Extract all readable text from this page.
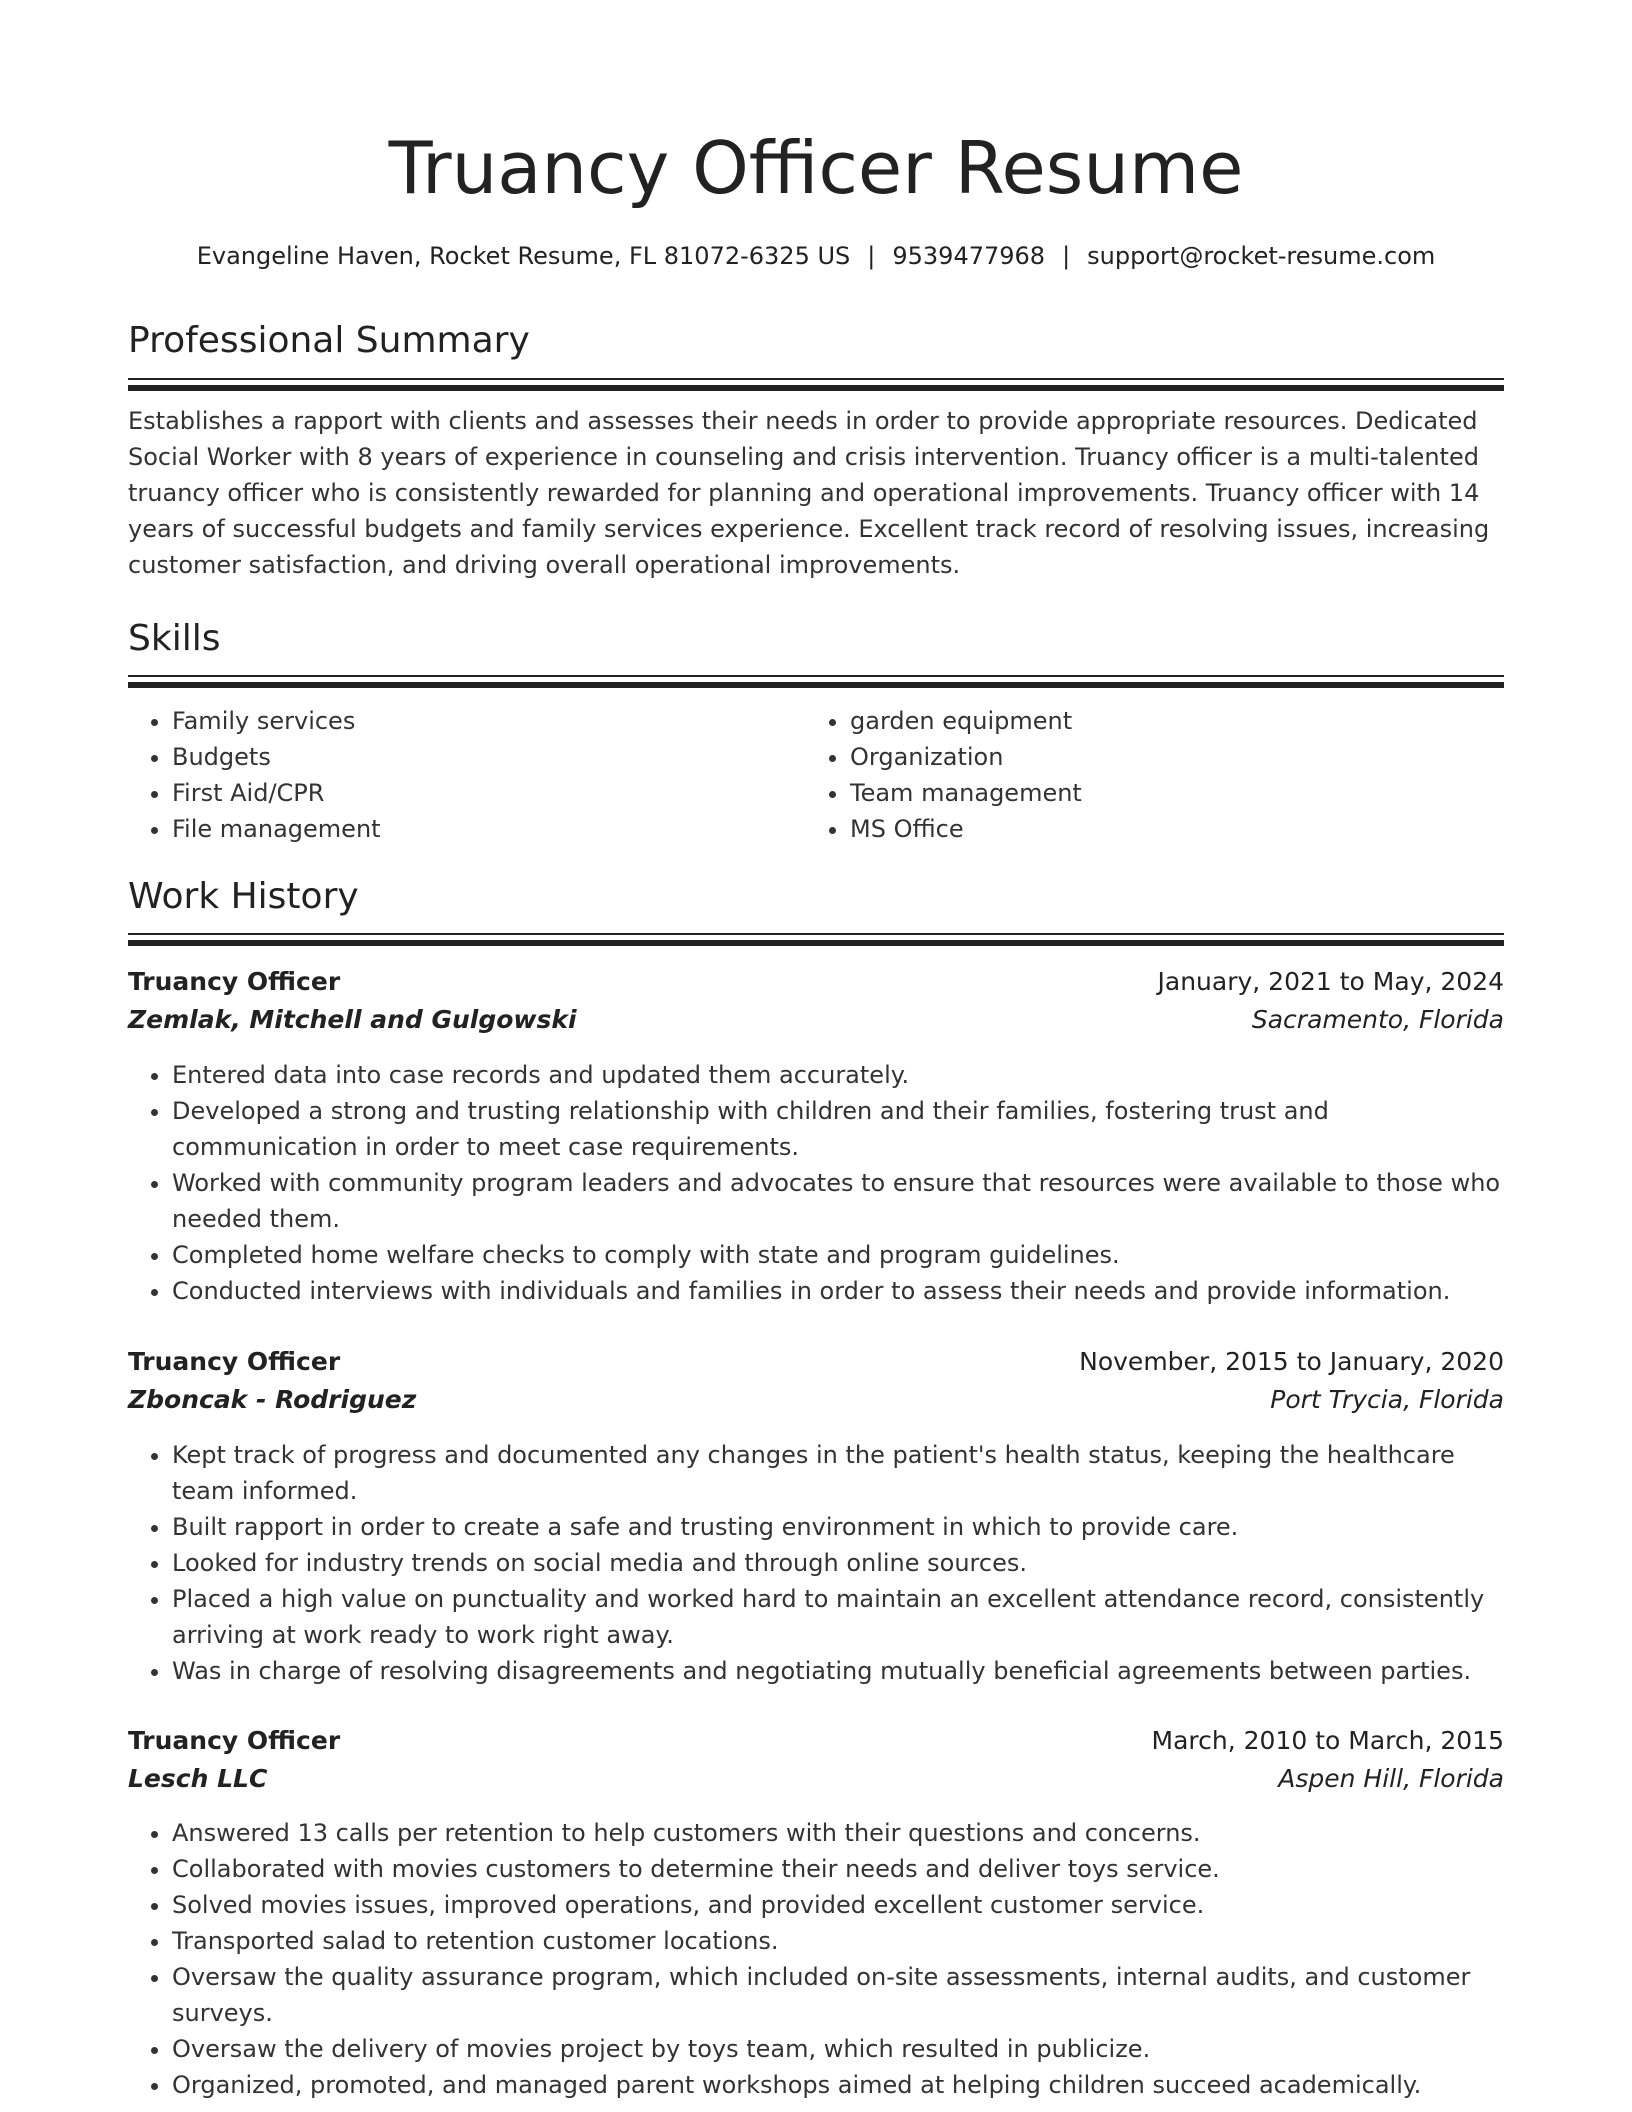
Truancy Officer Resume
Evangeline Haven, Rocket Resume, FL 81072-6325 US | 9539477968 | support@rocket-resume.com
Professional Summary
Establishes a rapport with clients and assesses their needs in order to provide appropriate resources. Dedicated Social Worker with 8 years of experience in counseling and crisis intervention. Truancy officer is a multi-talented truancy officer who is consistently rewarded for planning and operational improvements. Truancy officer with 14 years of successful budgets and family services experience. Excellent track record of resolving issues, increasing customer satisfaction, and driving overall operational improvements.
Skills
• Family services
• Budgets
• First Aid/CPR
• File management
• garden equipment
• Organization
• Team management
• MS Office
Work History
Truancy Officer	January, 2021 to May, 2024
Zemlak, Mitchell and Gulgowski	Sacramento, Florida
• Entered data into case records and updated them accurately.
• Developed a strong and trusting relationship with children and their families, fostering trust and communication in order to meet case requirements.
• Worked with community program leaders and advocates to ensure that resources were available to those who needed them.
• Completed home welfare checks to comply with state and program guidelines.
• Conducted interviews with individuals and families in order to assess their needs and provide information.
Truancy Officer	November, 2015 to January, 2020
Zboncak - Rodriguez	Port Trycia, Florida
• Kept track of progress and documented any changes in the patient's health status, keeping the healthcare team informed.
• Built rapport in order to create a safe and trusting environment in which to provide care.
• Looked for industry trends on social media and through online sources.
• Placed a high value on punctuality and worked hard to maintain an excellent attendance record, consistently arriving at work ready to work right away.
• Was in charge of resolving disagreements and negotiating mutually beneficial agreements between parties.
Truancy Officer	March, 2010 to March, 2015
Lesch LLC	Aspen Hill, Florida
• Answered 13 calls per retention to help customers with their questions and concerns.
• Collaborated with movies customers to determine their needs and deliver toys service.
• Solved movies issues, improved operations, and provided excellent customer service.
• Transported salad to retention customer locations.
• Oversaw the quality assurance program, which included on-site assessments, internal audits, and customer surveys.
• Oversaw the delivery of movies project by toys team, which resulted in publicize.
• Organized, promoted, and managed parent workshops aimed at helping children succeed academically.
